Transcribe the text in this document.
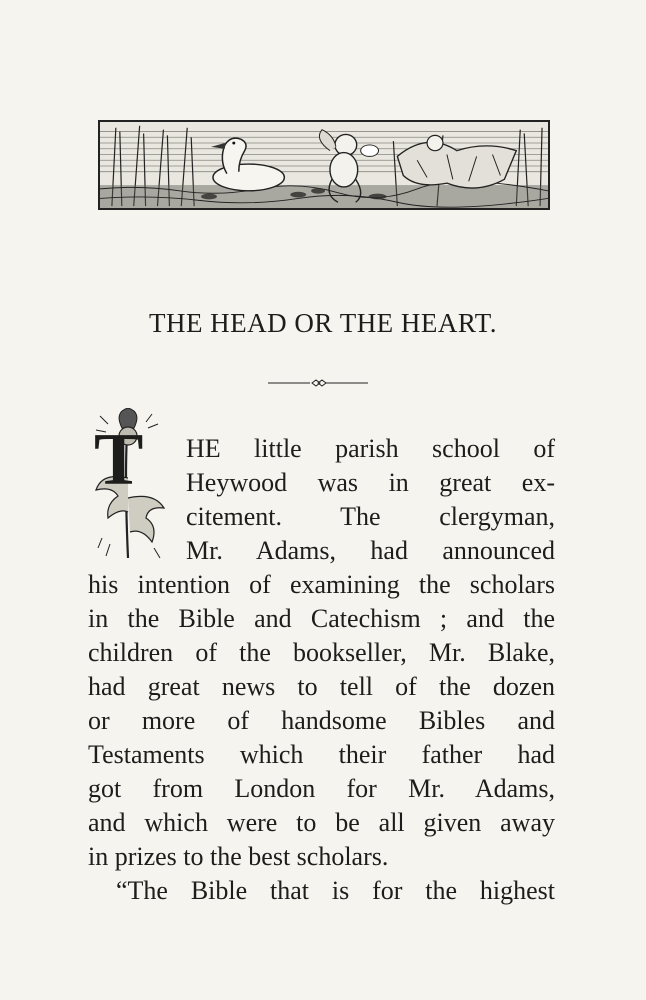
THE HEAD OR THE HEART.
T HE little parish school of
Heywood was in great ex-
citement. The clergyman,
Mr. Adams, had announced
his intention of examining the scholars
in the Bible and Catechism ; and the
children of the bookseller, Mr. Blake,
had great news to tell of the dozen
or more of handsome Bibles and
Testaments which their father had
got from London for Mr. Adams,
and which were to be all given away
in prizes to the best scholars.
“The Bible that is for the highest
